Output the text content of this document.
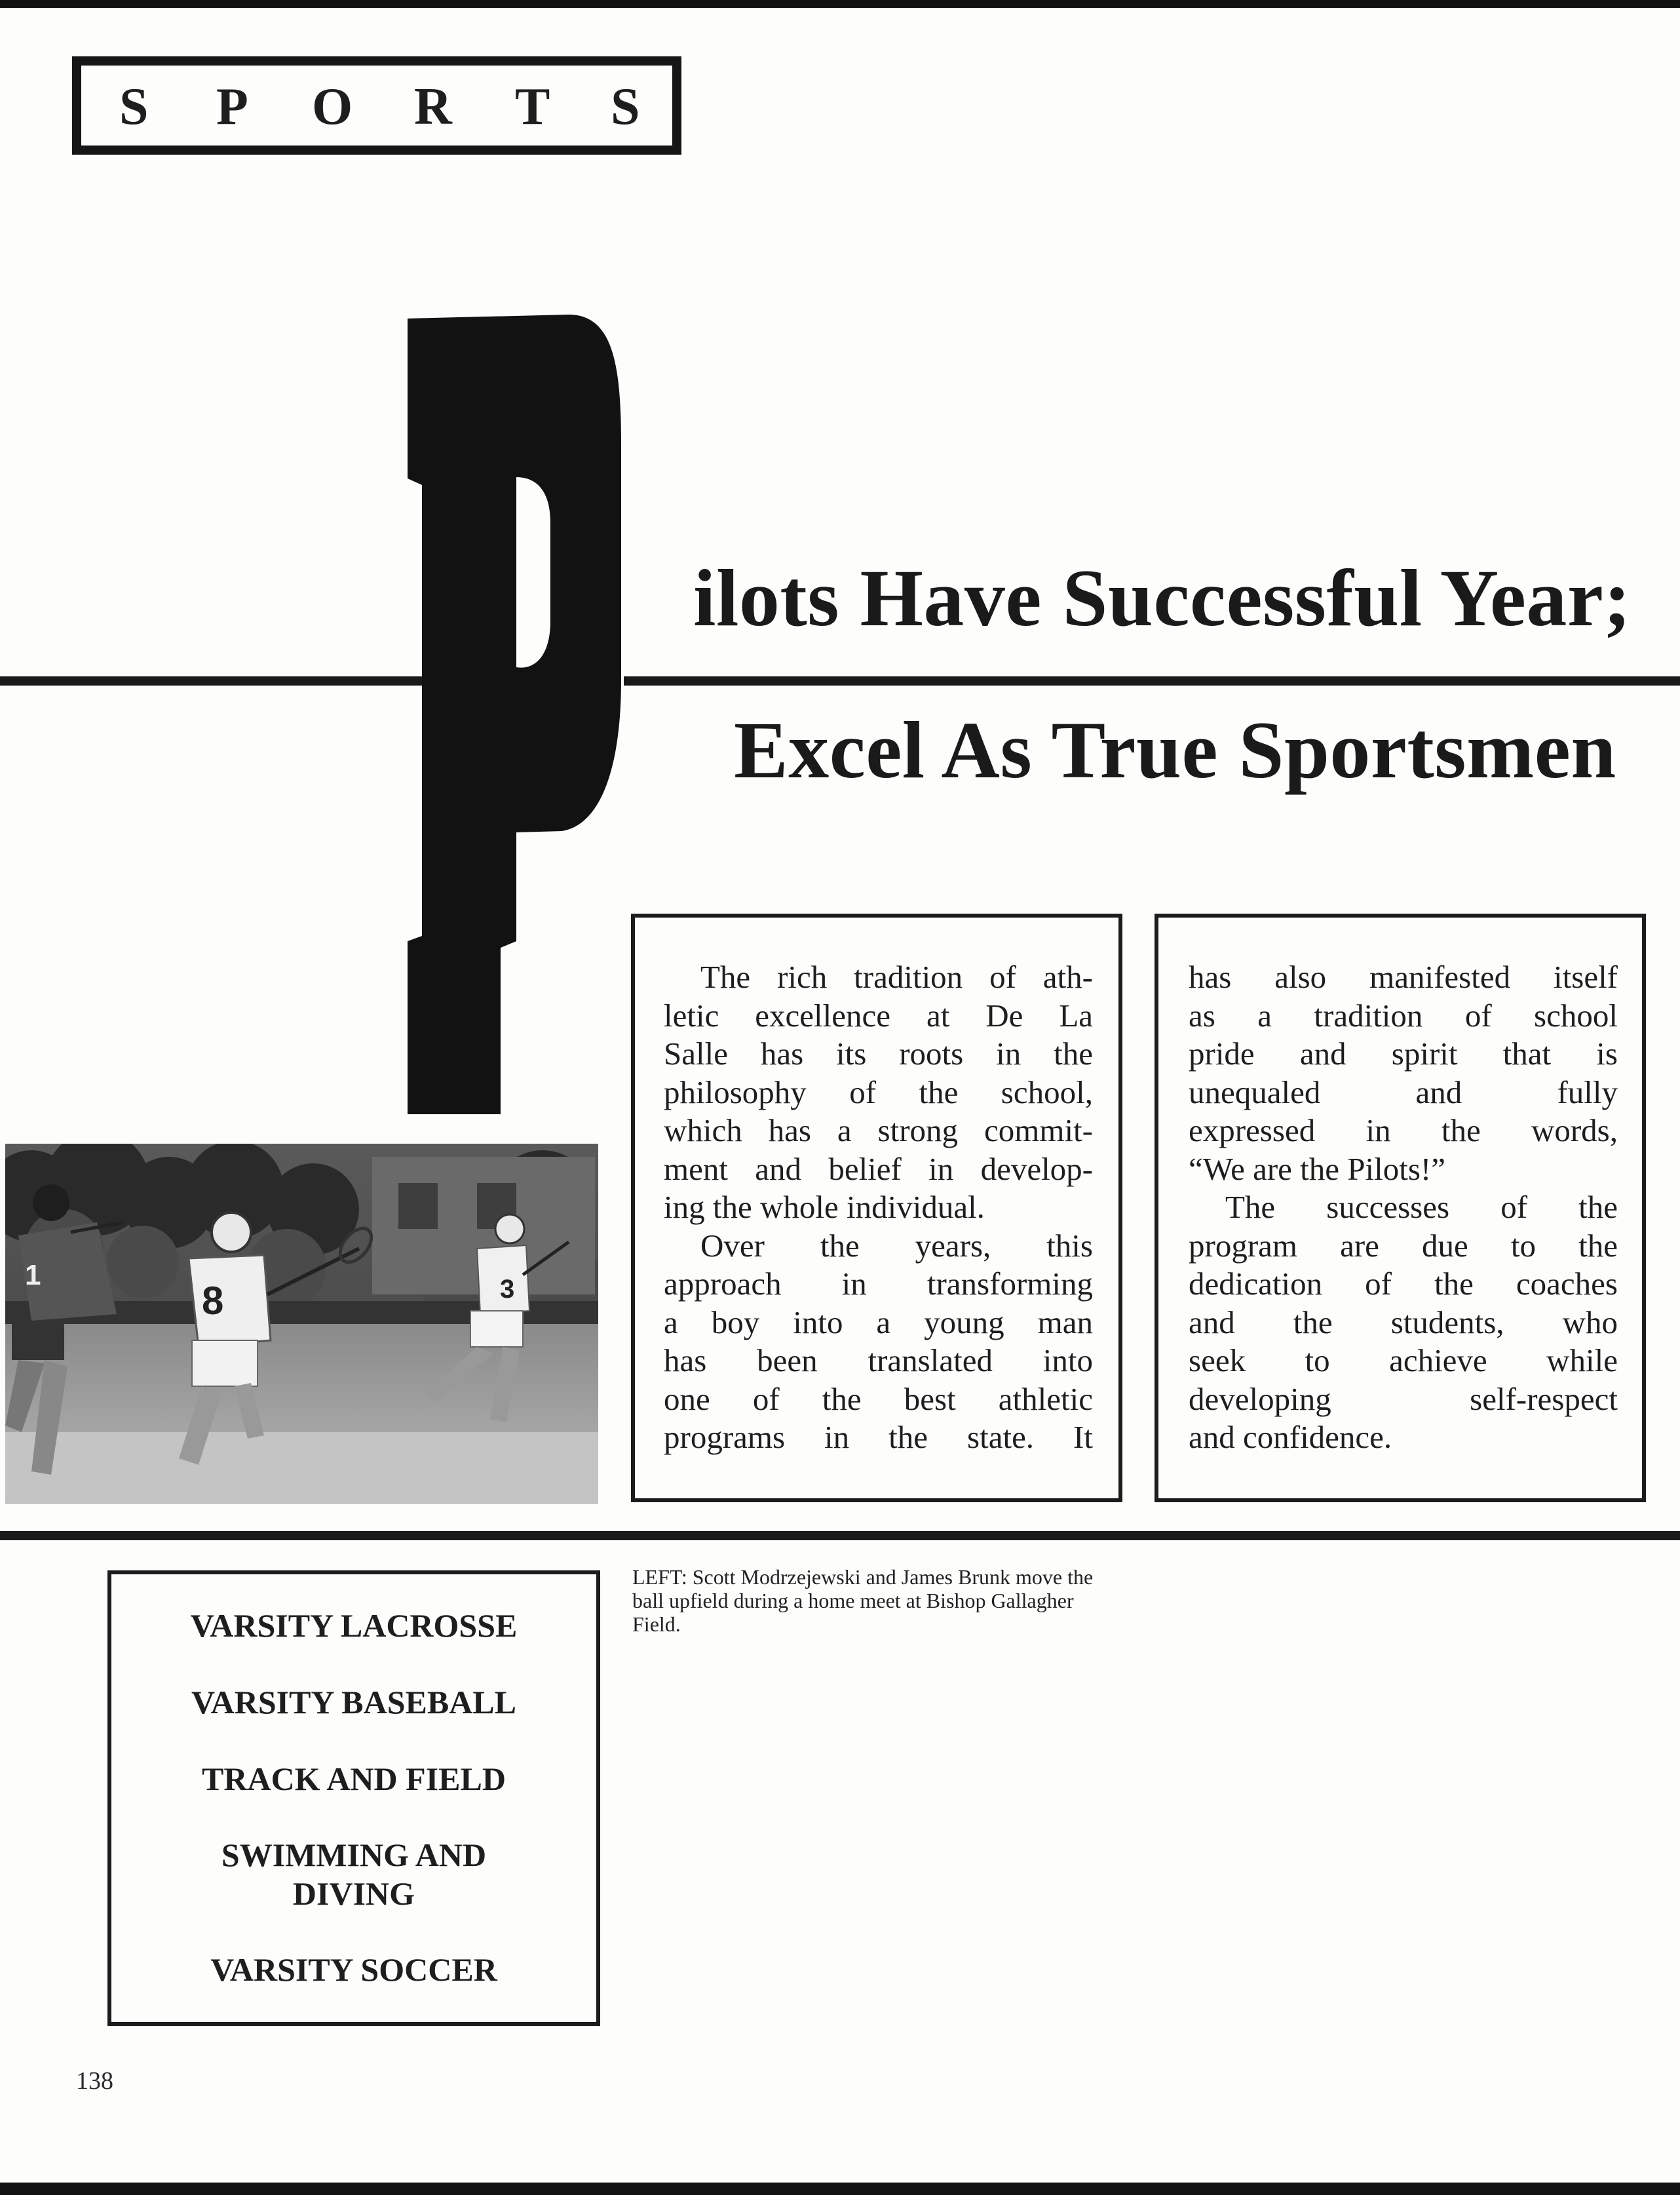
S P O R T S
ilots Have Successful Year;
Excel As True Sportsmen
The rich tradition of ath-
letic excellence at De La
Salle has its roots in the
philosophy of the school,
which has a strong commit-
ment and belief in develop-
ing the whole individual.
Over the years, this
approach in transforming
a boy into a young man
has been translated into
one of the best athletic
programs in the state. It
has also manifested itself
as a tradition of school
pride and spirit that is
unequaled and fully
expressed in the words,
“We are the Pilots!”
The successes of the
program are due to the
dedication of the coaches
and the students, who
seek to achieve while
developing self-respect
and confidence.
1
8	3
LEFT: Scott Modrzejewski and James Brunk move the ball upfield during a home meet at Bishop Gallagher Field.
VARSITY LACROSSE
VARSITY BASEBALL
TRACK AND FIELD
SWIMMING AND
DIVING
VARSITY SOCCER
138
